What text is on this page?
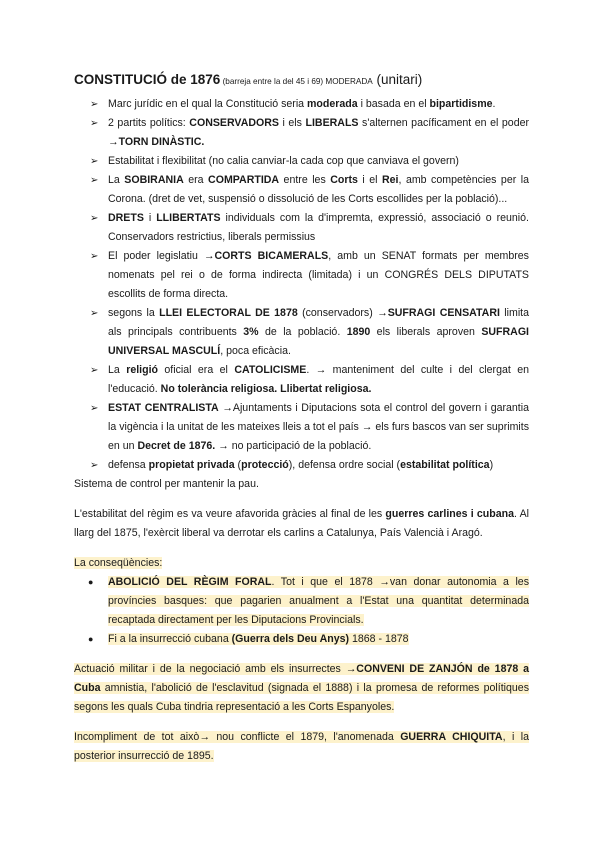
CONSTITUCIÓ de 1876 (barreja entre la del 45 i 69) MODERADA (unitari)
➢ Marc jurídic en el qual la Constitució seria moderada i basada en el bipartidisme.
➢ 2 partits polítics: CONSERVADORS i els LIBERALS s'alternen pacíficament en el poder →TORN DINÀSTIC.
➢ Estabilitat i flexibilitat (no calia canviar-la cada cop que canviava el govern)
➢ La SOBIRANIA era COMPARTIDA entre les Corts i el Rei, amb competències per la Corona. (dret de vet, suspensió o dissolució de les Corts escollides per la població)...
➢ DRETS i LLIBERTATS individuals com la d'impremta, expressió, associació o reunió. Conservadors restrictius, liberals permissius
➢ El poder legislatiu →CORTS BICAMERALS, amb un SENAT formats per membres nomenats pel rei o de forma indirecta (limitada) i un CONGRÉS DELS DIPUTATS escollits de forma directa.
➢ segons la LLEI ELECTORAL DE 1878 (conservadors) →SUFRAGI CENSATARI limita als principals contribuents 3% de la població. 1890 els liberals aproven SUFRAGI UNIVERSAL MASCULÍ, poca eficàcia.
➢ La religió oficial era el CATOLICISME. → manteniment del culte i del clergat en l'educació. No tolerància religiosa. Llibertat religiosa.
➢ ESTAT CENTRALISTA →Ajuntaments i Diputacions sota el control del govern i garantia la vigència i la unitat de les mateixes lleis a tot el país → els furs bascos van ser suprimits en un Decret de 1876. → no participació de la població.
➢ defensa propietat privada (protecció), defensa ordre social (estabilitat política)

Sistema de control per mantenir la pau.

L'estabilitat del règim es va veure afavorida gràcies al final de les guerres carlines i cubana. Al llarg del 1875, l'exèrcit liberal va derrotar els carlins a Catalunya, País Valencià i Aragó.

La conseqüències:

● ABOLICIÓ DEL RÈGIM FORAL. Tot i que el 1878 →van donar autonomia a les províncies basques: que pagarien anualment a l'Estat una quantitat determinada recaptada directament per les Diputacions Provincials.
● Fi a la insurrecció cubana (Guerra dels Deu Anys) 1868 - 1878

Actuació militar i de la negociació amb els insurrectes →CONVENI DE ZANJÓN de 1878 a Cuba amnistia, l'abolició de l'esclavitud (signada el 1888) i la promesa de reformes polítiques segons les quals Cuba tindria representació a les Corts Espanyoles.

Incompliment de tot això→ nou conflicte el 1879, l'anomenada GUERRA CHIQUITA, i la posterior insurrecció de 1895.
